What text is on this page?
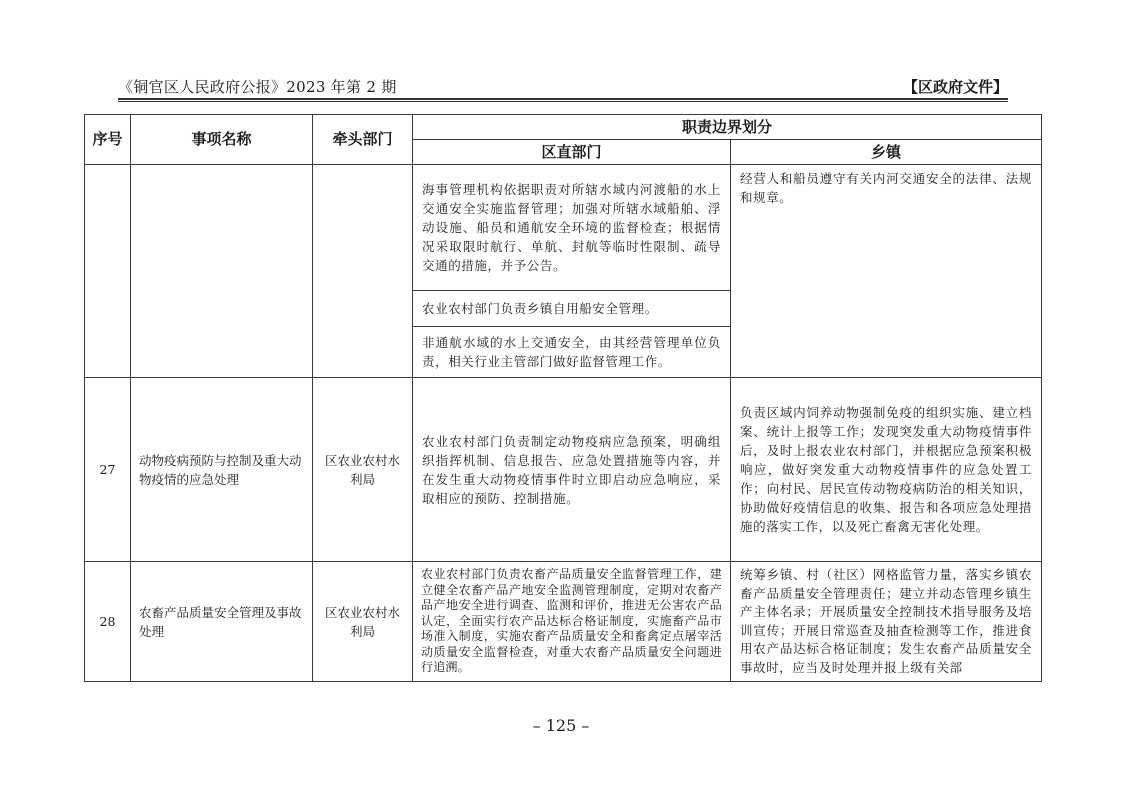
《铜官区人民政府公报》2023 年第 2 期	【区政府文件】
序号	事项名称	牵头部门	职责边界划分	
			区直部门	乡镇
			海事管理机构依据职责对所辖水域内河渡船的水上交通安全实施监督管理；加强对所辖水域船舶、浮动设施、船员和通航安全环境的监督检查；根据情况采取限时航行、单航、封航等临时性限制、疏导交通的措施，并予公告。	经营人和船员遵守有关内河交通安全的法律、法规和规章。
			农业农村部门负责乡镇自用船安全管理。	
			非通航水域的水上交通安全，由其经营管理单位负责，相关行业主管部门做好监督管理工作。	
27	动物疫病预防与控制及重大动物疫情的应急处理	区农业农村水利局	农业农村部门负责制定动物疫病应急预案，明确组织指挥机制、信息报告、应急处置措施等内容，并在发生重大动物疫情事件时立即启动应急响应，采取相应的预防、控制措施。	负责区域内饲养动物强制免疫的组织实施、建立档案、统计上报等工作；发现突发重大动物疫情事件后，及时上报农业农村部门，并根据应急预案积极响应，做好突发重大动物疫情事件的应急处置工作；向村民、居民宣传动物疫病防治的相关知识，协助做好疫情信息的收集、报告和各项应急处理措施的落实工作，以及死亡畜禽无害化处理。
28	农畜产品质量安全管理及事故处理	区农业农村水利局	农业农村部门负责农畜产品质量安全监督管理工作，建立健全农畜产品产地安全监测管理制度，定期对农畜产品产地安全进行调查、监测和评价，推进无公害农产品认定，全面实行农产品达标合格证制度，实施畜产品市场准入制度，实施农畜产品质量安全和畜禽定点屠宰活动质量安全监督检查，对重大农畜产品质量安全问题进行追溯。	统筹乡镇、村（社区）网格监管力量，落实乡镇农畜产品质量安全管理责任；建立并动态管理乡镇生产主体名录；开展质量安全控制技术指导服务及培训宣传；开展日常巡查及抽查检测等工作，推进食用农产品达标合格证制度；发生农畜产品质量安全事故时，应当及时处理并报上级有关部
– 125 –
